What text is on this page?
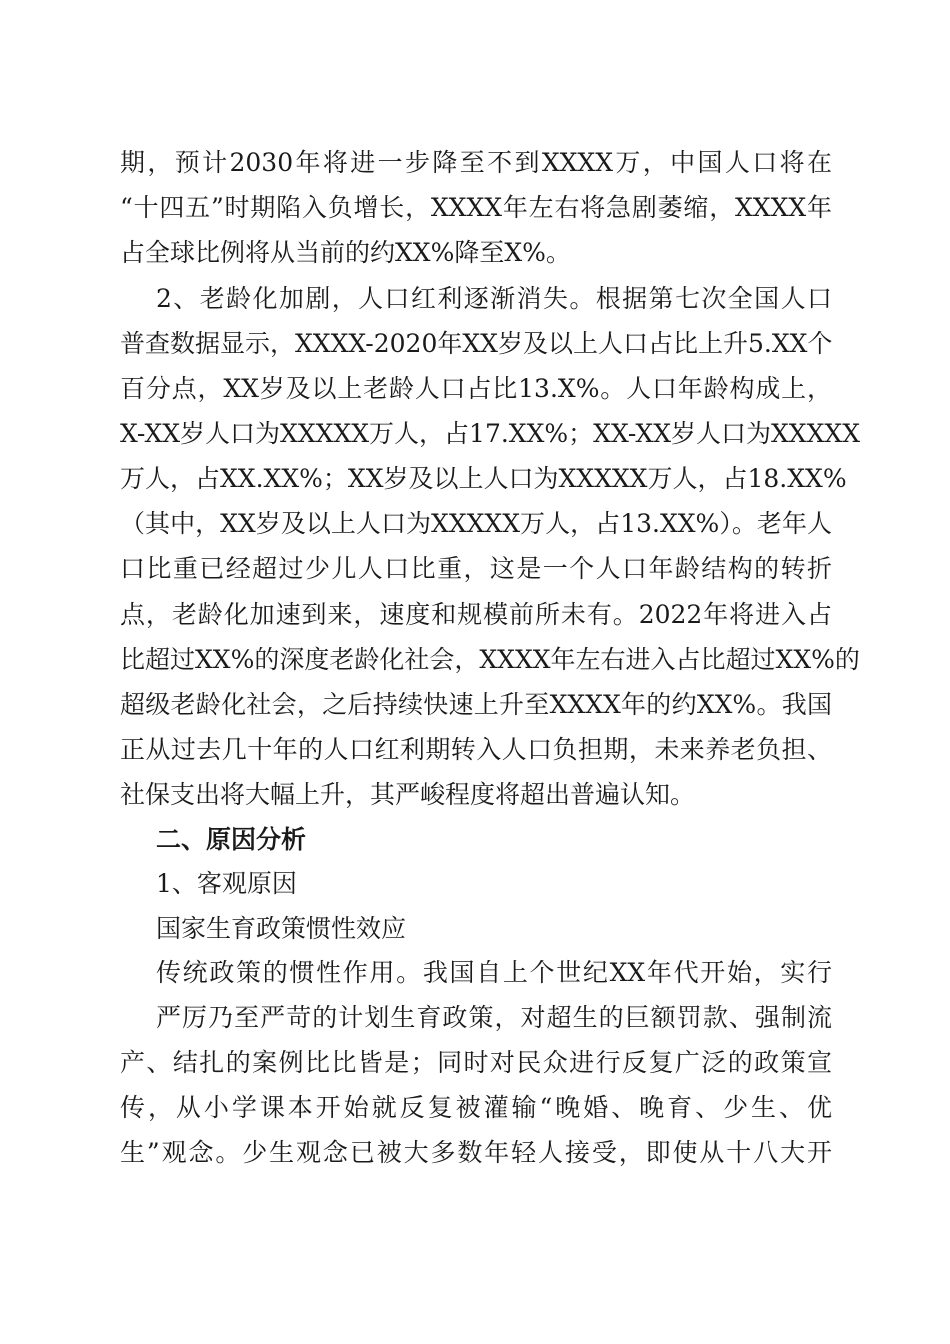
期，预计2030年将进一步降至不到XXXX万，中国人口将在
“十四五”时期陷入负增长，XXXX年左右将急剧萎缩，XXXX年
占全球比例将从当前的约XX%降至X%。
2、老龄化加剧，人口红利逐渐消失。根据第七次全国人口
普查数据显示，XXXX-2020年XX岁及以上人口占比上升5.XX个
百分点，XX岁及以上老龄人口占比13.X%。人口年龄构成上，
X-XX岁人口为XXXXX万人，占17.XX%；XX-XX岁人口为XXXXX
万人，占XX.XX%；XX岁及以上人口为XXXXX万人，占18.XX%
（其中，XX岁及以上人口为XXXXX万人，占13.XX%）。老年人
口比重已经超过少儿人口比重，这是一个人口年龄结构的转折
点，老龄化加速到来，速度和规模前所未有。2022年将进入占
比超过XX%的深度老龄化社会，XXXX年左右进入占比超过XX%的
超级老龄化社会，之后持续快速上升至XXXX年的约XX%。我国
正从过去几十年的人口红利期转入人口负担期，未来养老负担、
社保支出将大幅上升，其严峻程度将超出普遍认知。
二、原因分析
1、客观原因
国家生育政策惯性效应
传统政策的惯性作用。我国自上个世纪XX年代开始，实行
严厉乃至严苛的计划生育政策，对超生的巨额罚款、强制流
产、结扎的案例比比皆是；同时对民众进行反复广泛的政策宣
传，从小学课本开始就反复被灌输“晚婚、晚育、少生、优
生”观念。少生观念已被大多数年轻人接受，即使从十八大开
